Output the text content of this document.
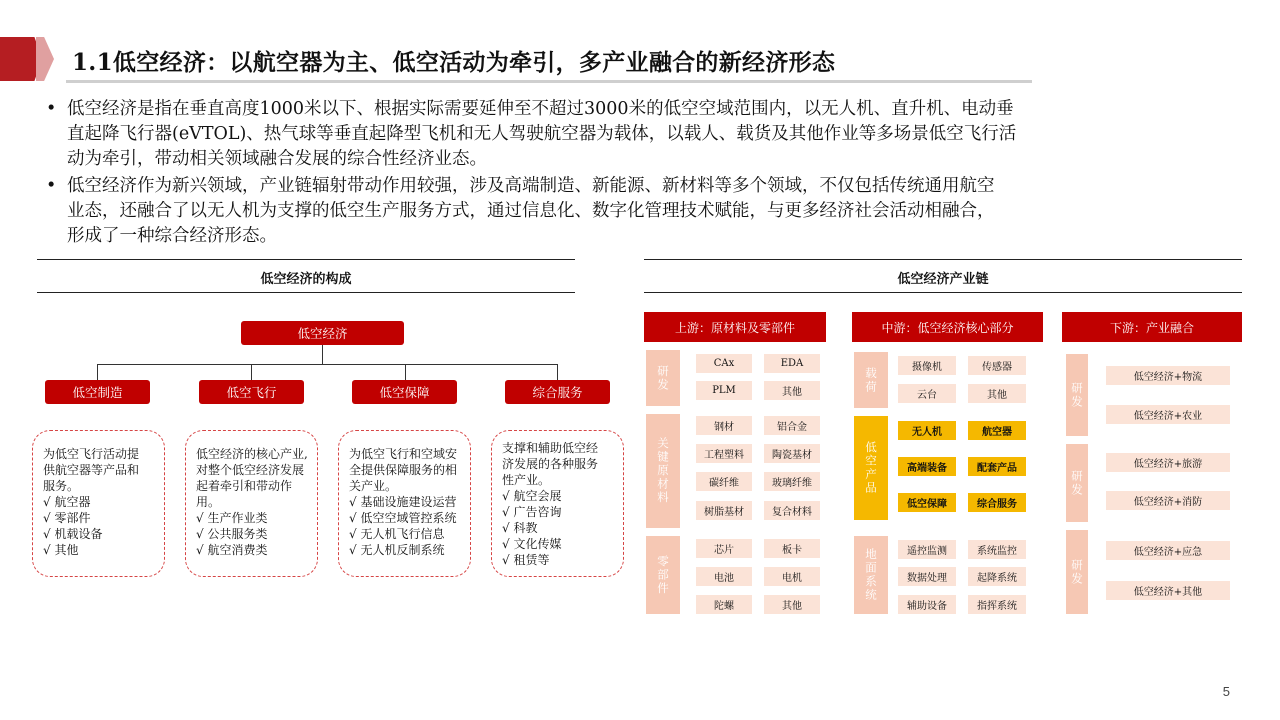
1.1低空经济：以航空器为主、低空活动为牵引，多产业融合的新经济形态
• 低空经济是指在垂直高度1000米以下、根据实际需要延伸至不超过3000米的低空空域范围内，以无人机、直升机、电动垂
直起降飞行器(eVTOL)、热气球等垂直起降型飞机和无人驾驶航空器为载体，以载人、载货及其他作业等多场景低空飞行活
动为牵引，带动相关领域融合发展的综合性经济业态。
• 低空经济作为新兴领域，产业链辐射带动作用较强，涉及高端制造、新能源、新材料等多个领域，不仅包括传统通用航空
业态，还融合了以无人机为支撑的低空生产服务方式，通过信息化、数字化管理技术赋能，与更多经济社会活动相融合，
形成了一种综合经济形态。
低空经济的构成
低空经济
低空制造	低空飞行	低空保障	综合服务
为低空飞行活动提
供航空器等产品和
服务。
√ 航空器
√ 零部件
√ 机载设备
√ 其他
低空经济的核心产业,
对整个低空经济发展
起着牵引和带动作用。
√ 生产作业类
√ 公共服务类
√ 航空消费类
为低空飞行和空域安
全提供保障服务的相
关产业。
√ 基础设施建设运营
√ 低空空域管控系统
√ 无人机飞行信息
√ 无人机反制系统
支撑和辅助低空经
济发展的各种服务
性产业。
√ 航空会展
√ 广告咨询
√ 科教
√ 文化传媒
√ 租赁等
低空经济产业链
上游：原材料及零部件	中游：低空经济核心部分	下游：产业融合
研发
CAx	EDA
PLM	其他
关键原材料
钢材	铝合金
工程塑料	陶瓷基材
碳纤维	玻璃纤维
树脂基材	复合材料
零部件
芯片	板卡
电池	电机
陀螺	其他
载荷	摄像机	传感器
云台	其他
低空产品
无人机	航空器
高端装备	配套产品
低空保障	综合服务
地面系统	遥控监测	系统监控
数据处理	起降系统
辅助设备	指挥系统
研发
低空经济+物流
低空经济+农业
研发
低空经济+旅游
低空经济+消防
研发
低空经济+应急
低空经济+其他
5
